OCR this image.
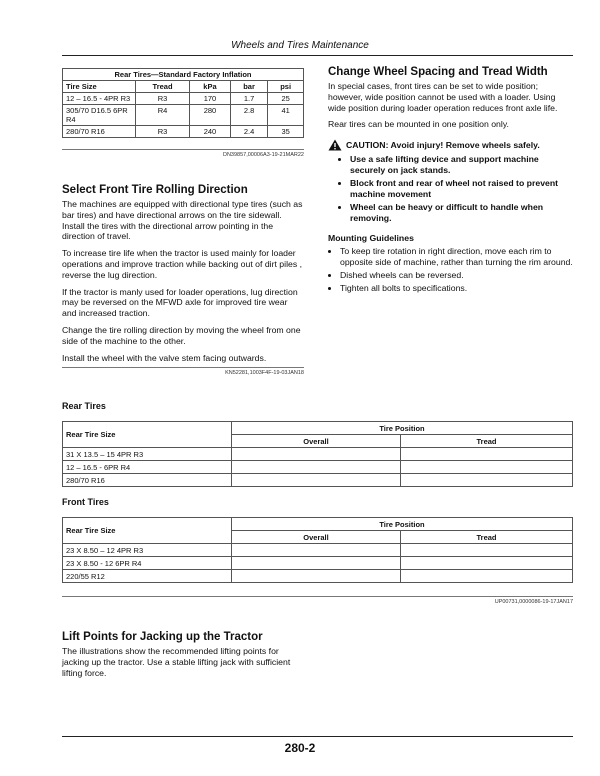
Wheels and Tires Maintenance
Rear Tires—Standard Factory Inflation				
Tire Size	Tread	kPa	bar	psi
12 – 16.5 - 4PR R3	R3	170	1.7	25
305/70 D16.5 6PR R4	R4	280	2.8	41
280/70 R16	R3	240	2.4	35
DN39857,00006A3-19-21MAR22
Select Front Tire Rolling Direction

The machines are equipped with directional type tires (such as bar tires) and have directional arrows on the tire sidewall. Install the tires with the directional arrow pointing in the direction of travel.

To increase tire life when the tractor is used mainly for loader operations and improve traction while backing out of dirt piles , reverse the lug direction.

If the tractor is manly used for loader operations, lug direction may be reversed on the MFWD axle for improved tire wear and increased traction.

Change the tire rolling direction by moving the wheel from one side of the machine to the other.

Install the wheel with the valve stem facing outwards.

KN52281,1003F4F-19-03JAN18
Change Wheel Spacing and Tread Width

In special cases, front tires can be set to wide position; however, wide position cannot be used with a loader. Using wide position during loader operation reduces front axle life.

Rear tires can be mounted in one position only.

CAUTION: Avoid injury! Remove wheels safely.
• Use a safe lifting device and support machine securely on jack stands.
• Block front and rear of wheel not raised to prevent machine movement
• Wheel can be heavy or difficult to handle when removing.
Mounting Guidelines
• To keep tire rotation in right direction, move each rim to opposite side of machine, rather than turning the rim around.
• Dished wheels can be reversed.
• Tighten all bolts to specifications.
Rear Tires
Rear Tire Size	Tire Position	
	Overall	Tread
31 X 13.5 – 15 4PR R3		
12 – 16.5 - 6PR R4		
280/70 R16		
Front Tires
Rear Tire Size	Tire Position	
	Overall	Tread
23 X 8.50 – 12 4PR R3		
23 X 8.50 - 12 6PR R4		
220/55 R12		
UP00731,0000086-19-17JAN17
Lift Points for Jacking up the Tractor

The illustrations show the recommended lifting points for jacking up the tractor. Use a stable lifting jack with sufficient lifting force.

280-2
